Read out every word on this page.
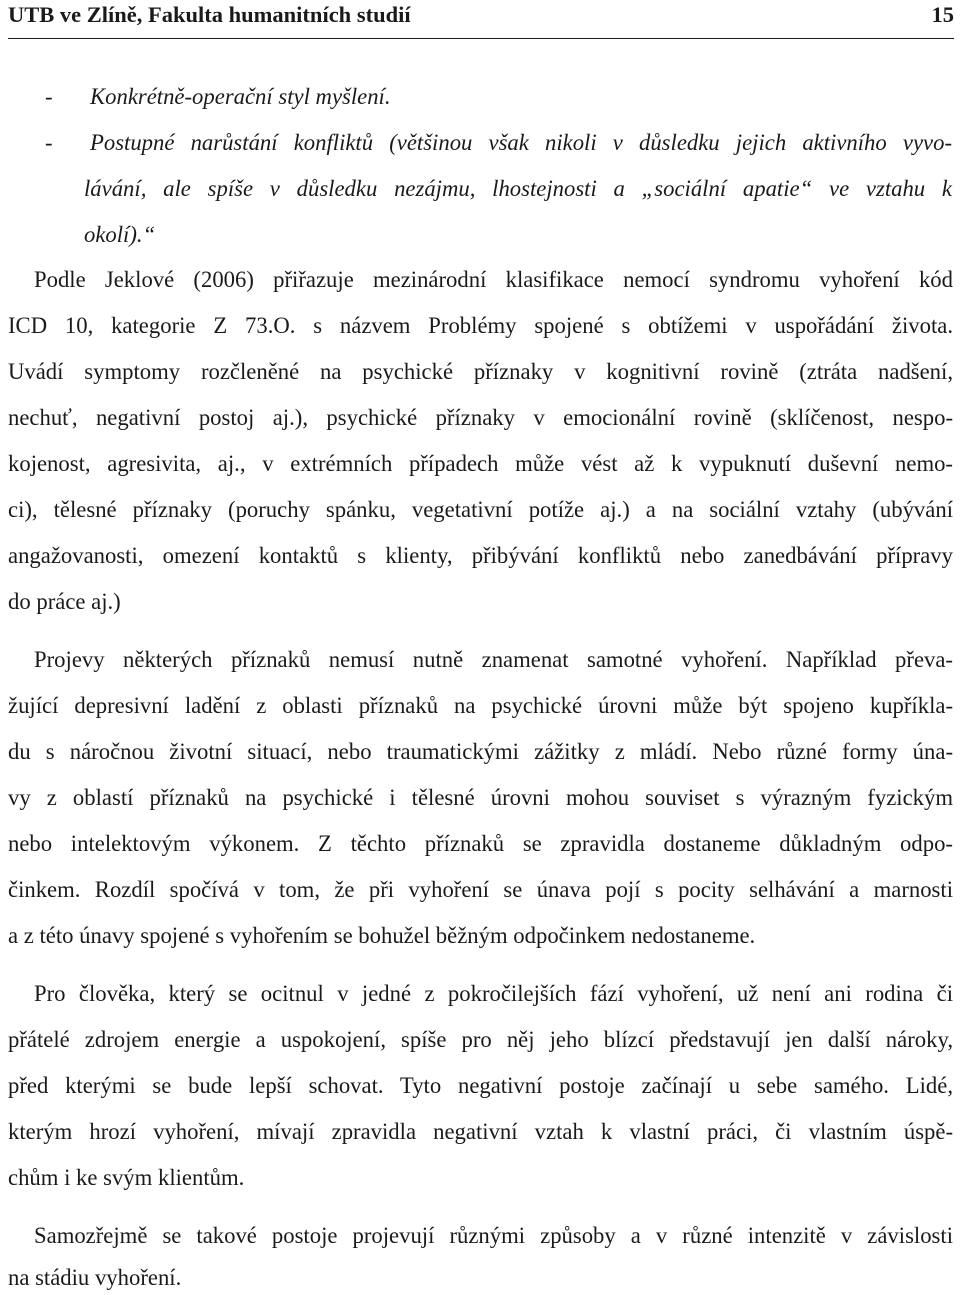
UTB ve Zlíně, Fakulta humanitních studií	15
- Konkrétně-operační styl myšlení.
- Postupné narůstání konfliktů (většinou však nikoli v důsledku jejich aktivního vyvo-
lávání, ale spíše v důsledku nezájmu, lhostejnosti a „sociální apatie“ ve vztahu k
okolí).“
Podle Jeklové (2006) přiřazuje mezinárodní klasifikace nemocí syndromu vyhoření kód
ICD 10, kategorie Z 73.O. s názvem Problémy spojené s obtížemi v uspořádání života.
Uvádí symptomy rozčleněné na psychické příznaky v kognitivní rovině (ztráta nadšení,
nechuť, negativní postoj aj.), psychické příznaky v emocionální rovině (sklíčenost, nespo-
kojenost, agresivita, aj., v extrémních případech může vést až k vypuknutí duševní nemo-
ci), tělesné příznaky (poruchy spánku, vegetativní potíže aj.) a na sociální vztahy (ubývání
angažovanosti, omezení kontaktů s klienty, přibývání konfliktů nebo zanedbávání přípravy
do práce aj.)
Projevy některých příznaků nemusí nutně znamenat samotné vyhoření. Například převa-
žující depresivní ladění z oblasti příznaků na psychické úrovni může být spojeno kupříkla-
du s náročnou životní situací, nebo traumatickými zážitky z mládí. Nebo různé formy úna-
vy z oblastí příznaků na psychické i tělesné úrovni mohou souviset s výrazným fyzickým
nebo intelektovým výkonem. Z těchto příznaků se zpravidla dostaneme důkladným odpo-
činkem. Rozdíl spočívá v tom, že při vyhoření se únava pojí s pocity selhávání a marnosti
a z této únavy spojené s vyhořením se bohužel běžným odpočinkem nedostaneme.
Pro člověka, který se ocitnul v jedné z pokročilejších fází vyhoření, už není ani rodina či
přátelé zdrojem energie a uspokojení, spíše pro něj jeho blízcí představují jen další nároky,
před kterými se bude lepší schovat. Tyto negativní postoje začínají u sebe samého. Lidé,
kterým hrozí vyhoření, mívají zpravidla negativní vztah k vlastní práci, či vlastním úspě-
chům i ke svým klientům.
Samozřejmě se takové postoje projevují různými způsoby a v různé intenzitě v závislosti
na stádiu vyhoření.
